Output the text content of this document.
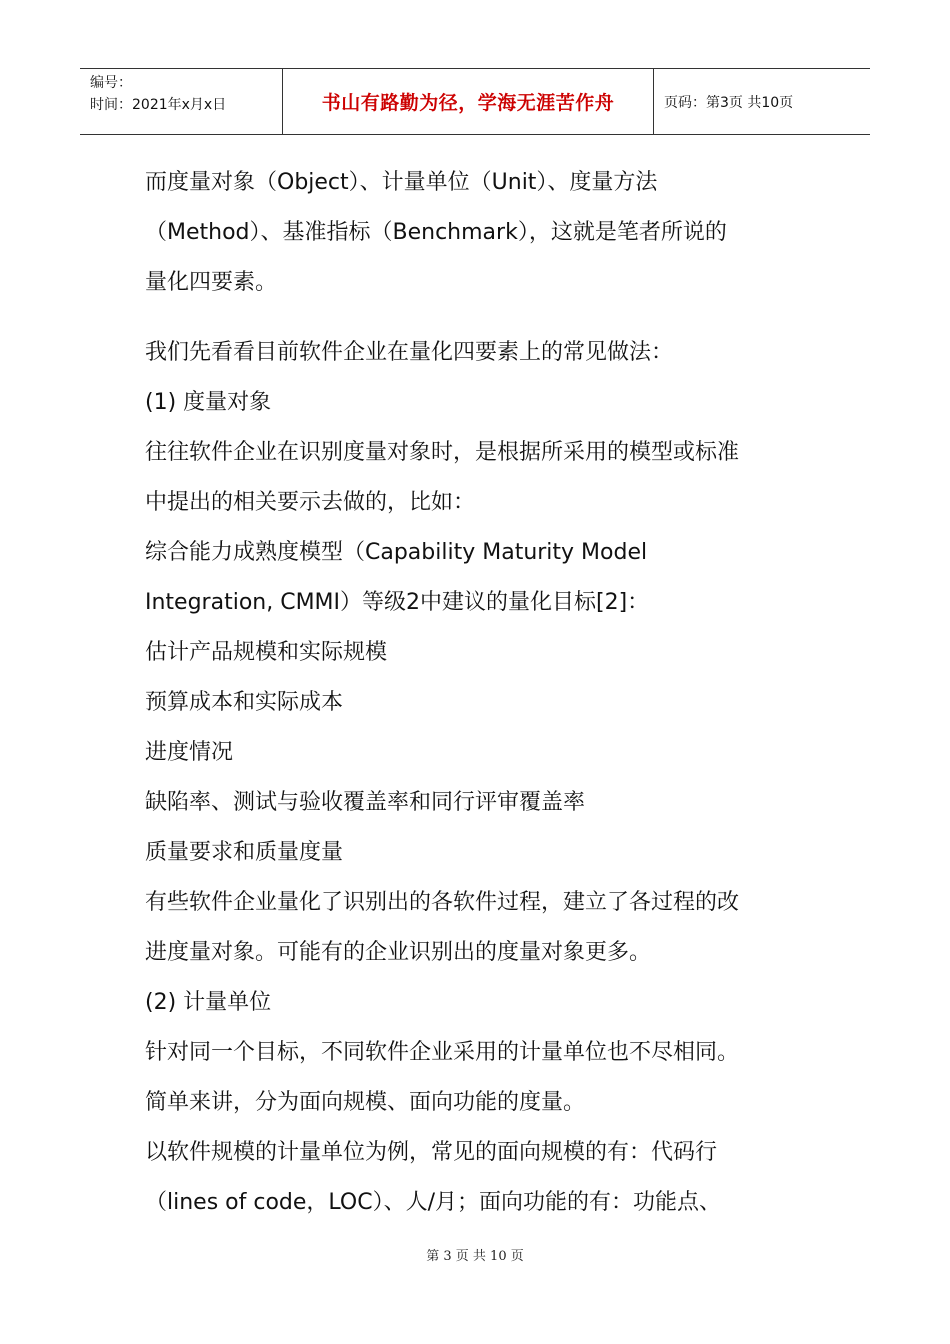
编号：
时间：2021年x月x日	书山有路勤为径，学海无涯苦作舟	页码：第3页 共10页
而度量对象（Object）、计量单位（Unit）、度量方法
（Method）、基准指标（Benchmark），这就是笔者所说的
量化四要素。
我们先看看目前软件企业在量化四要素上的常见做法：
(1) 度量对象
往往软件企业在识别度量对象时，是根据所采用的模型或标准
中提出的相关要示去做的，比如：
综合能力成熟度模型（Capability Maturity Model
Integration, CMMI）等级2中建议的量化目标[2]：
估计产品规模和实际规模
预算成本和实际成本
进度情况
缺陷率、测试与验收覆盖率和同行评审覆盖率
质量要求和质量度量
有些软件企业量化了识别出的各软件过程，建立了各过程的改
进度量对象。可能有的企业识别出的度量对象更多。
(2) 计量单位
针对同一个目标，不同软件企业采用的计量单位也不尽相同。
简单来讲，分为面向规模、面向功能的度量。
以软件规模的计量单位为例，常见的面向规模的有：代码行
（lines of code，LOC）、人/月；面向功能的有：功能点、
第 3 页 共 10 页
